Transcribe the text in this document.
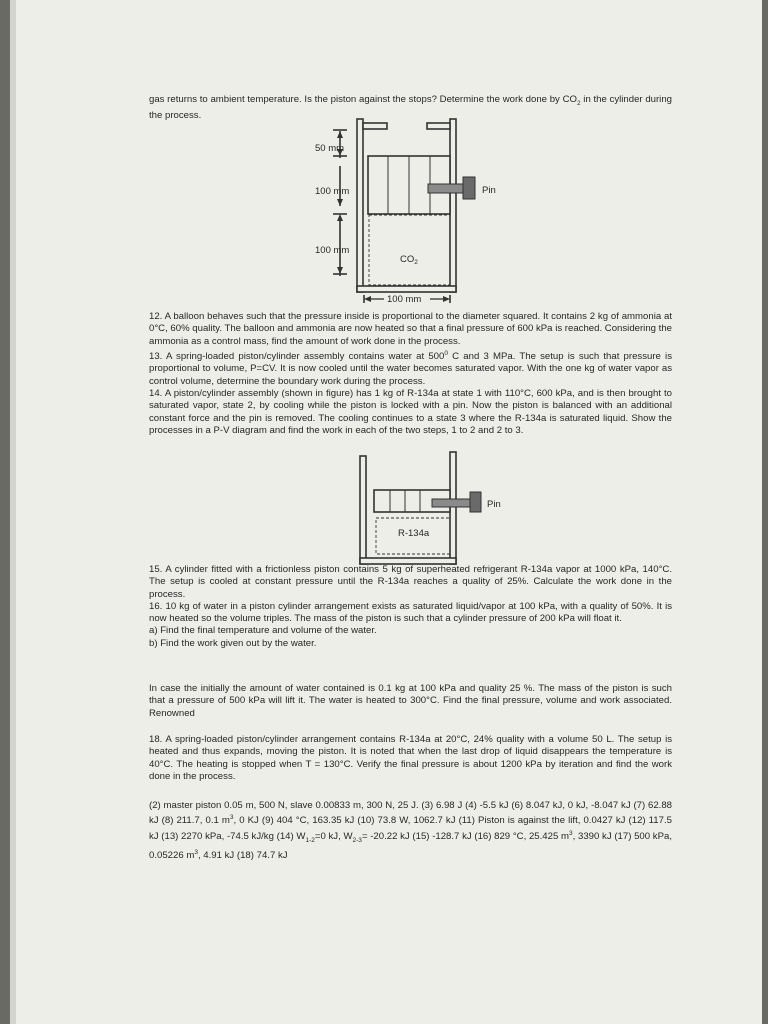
gas returns to ambient temperature. Is the piston against the stops? Determine the work done by $CO_2$ in the cylinder during the process.

50 mm
100 mm
100 mm
Pin
$CO_2$
100 mm

12. A balloon behaves such that the pressure inside is proportional to the diameter squared. It contains 2 kg of ammonia at 0°C, 60% quality. The balloon and ammonia are now heated so that a final pressure of 600 kPa is reached. Considering the ammonia as a control mass, find the amount of work done in the process.

13. A spring-loaded piston/cylinder assembly contains water at $500^0$ C and 3 MPa. The setup is such that pressure is proportional to volume, P=CV. It is now cooled until the water becomes saturated vapor. With the one kg of water vapor as control volume, determine the boundary work during the process.

14. A piston/cylinder assembly (shown in figure) has 1 kg of R-134a at state 1 with 110°C, 600 kPa, and is then brought to saturated vapor, state 2, by cooling while the piston is locked with a pin. Now the piston is balanced with an additional constant force and the pin is removed. The cooling continues to a state 3 where the R-134a is saturated liquid. Show the processes in a P-V diagram and find the work in each of the two steps, 1 to 2 and 2 to 3.

Pin
R-134a

15. A cylinder fitted with a frictionless piston contains 5 kg of superheated refrigerant R-134a vapor at 1000 kPa, 140°C. The setup is cooled at constant pressure until the R-134a reaches a quality of 25%. Calculate the work done in the process.

16. 10 kg of water in a piston cylinder arrangement exists as saturated liquid/vapor at 100 kPa, with a quality of 50%. It is now heated so the volume triples. The mass of the piston is such that a cylinder pressure of 200 kPa will float it.

a) Find the final temperature and volume of the water.

b) Find the work given out by the water.

In case the initially the amount of water contained is 0.1 kg at 100 kPa and quality 25 %. The mass of the piston is such that a pressure of 500 kPa will lift it. The water is heated to 300°C. Find the final pressure, volume and work associated. Renowned

18. A spring-loaded piston/cylinder arrangement contains R-134a at 20°C, 24% quality with a volume 50 L. The setup is heated and thus expands, moving the piston. It is noted that when the last drop of liquid disappears the temperature is 40°C. The heating is stopped when T = 130°C. Verify the final pressure is about 1200 kPa by iteration and find the work done in the process.

(2) master piston 0.05 m, 500 N, slave 0.00833 m, 300 N, 25 J. (3) 6.98 J (4) -5.5 kJ (6) 8.047 kJ, 0 kJ, -8.047 kJ (7) 62.88 kJ (8) 211.7, 0.1 $m^3$, 0 KJ (9) 404 °C, 163.35 kJ (10) 73.8 W, 1062.7 kJ (11) Piston is against the lift, 0.0427 kJ (12) 117.5 kJ (13) 2270 kPa, -74.5 kJ/kg (14) $W_{1-2}=0$ kJ, $W_{2-3}= -20.22$ kJ (15) -128.7 kJ (16) 829 °C, 25.425 $m^3$, 3390 kJ (17) 500 kPa, 0.05226 $m^3$, 4.91 kJ (18) 74.7 kJ
